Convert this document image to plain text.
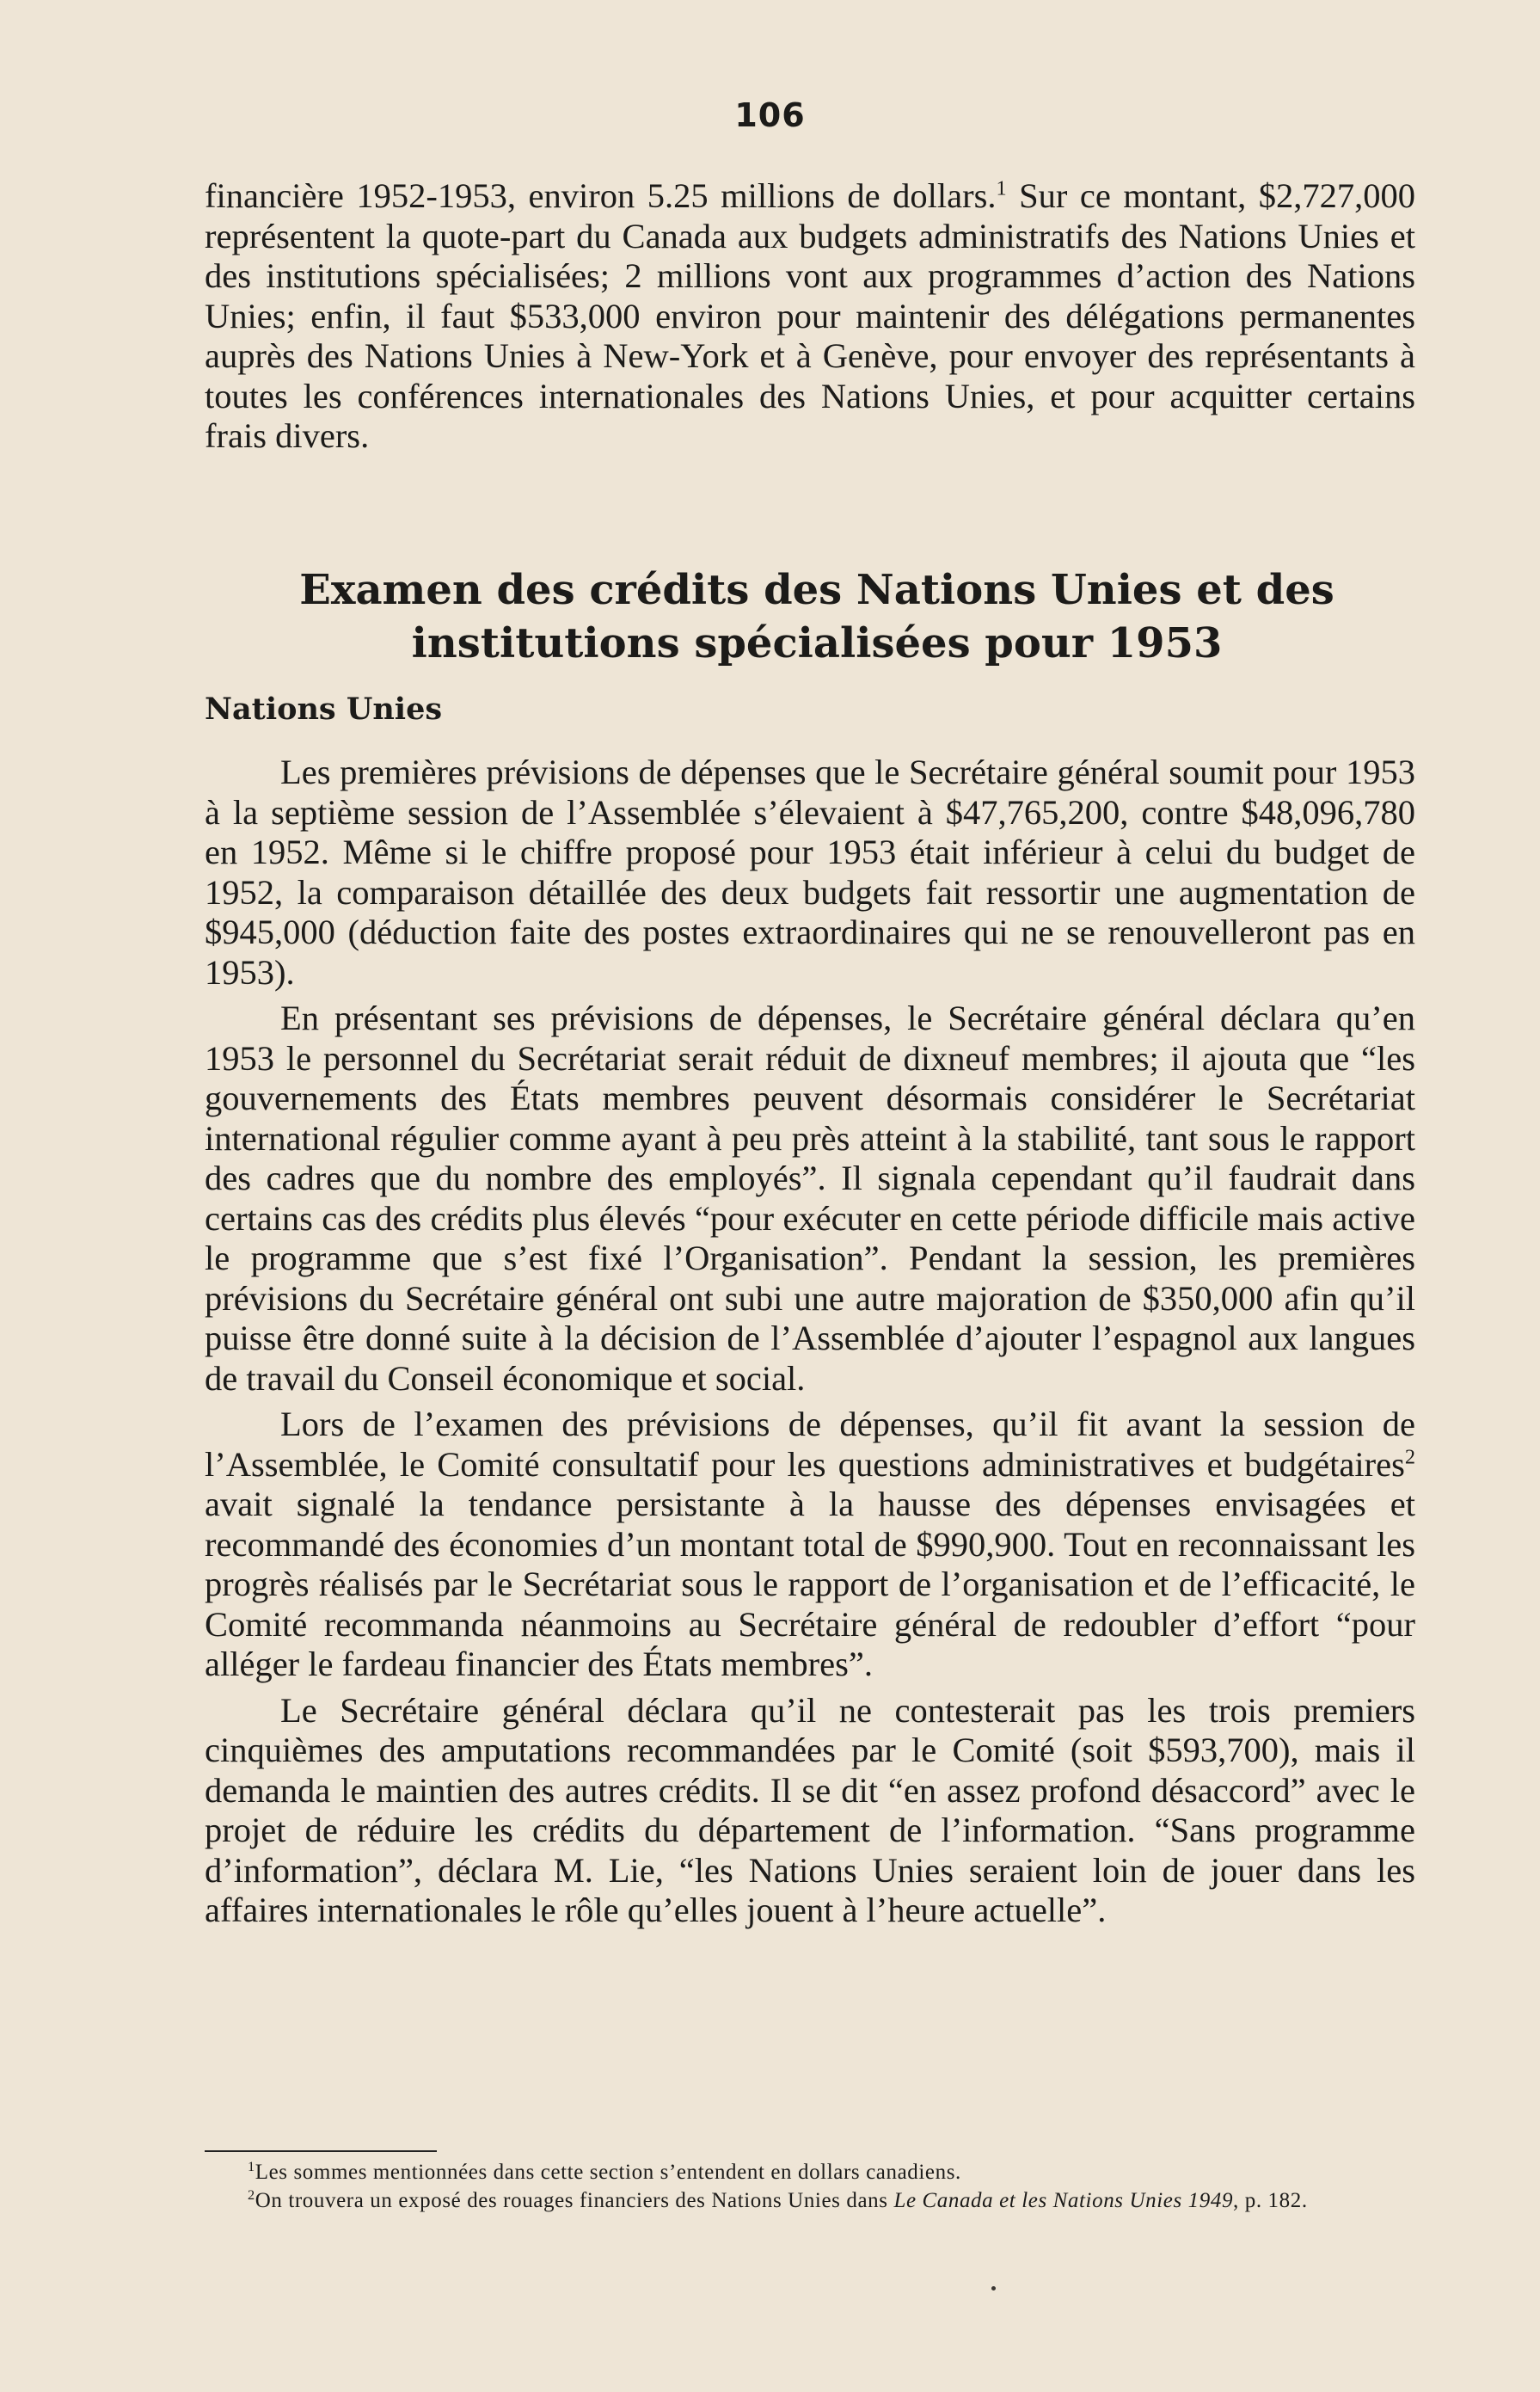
106

financière 1952-1953, environ 5.25 millions de dollars.$^1$ Sur ce montant, $2,727,000 représentent la quote-part du Canada aux budgets administratifs des Nations Unies et des institutions spécialisées; 2 millions vont aux programmes d’action des Nations Unies; enfin, il faut $533,000 environ pour maintenir des délégations permanentes auprès des Nations Unies à New-York et à Genève, pour envoyer des représentants à toutes les conférences internationales des Nations Unies, et pour acquitter certains frais divers.

Examen des crédits des Nations Unies et des
institutions spécialisées pour 1953
Nations Unies

Les premières prévisions de dépenses que le Secrétaire général soumit pour 1953 à la septième session de l’Assemblée s’élevaient à $47,765,200, contre $48,096,780 en 1952. Même si le chiffre proposé pour 1953 était inférieur à celui du budget de 1952, la comparaison détaillée des deux budgets fait ressortir une augmentation de $945,000 (déduction faite des postes extraordinaires qui ne se renouvelleront pas en 1953).

En présentant ses prévisions de dépenses, le Secrétaire général déclara qu’en 1953 le personnel du Secrétariat serait réduit de dixneuf membres; il ajouta que “les gouvernements des États membres peuvent désormais considérer le Secrétariat international régulier comme ayant à peu près atteint à la stabilité, tant sous le rapport des cadres que du nombre des employés”. Il signala cependant qu’il faudrait dans certains cas des crédits plus élevés “pour exécuter en cette période difficile mais active le programme que s’est fixé l’Organisation”. Pendant la session, les premières prévisions du Secrétaire général ont subi une autre majoration de $350,000 afin qu’il puisse être donné suite à la décision de l’Assemblée d’ajouter l’espagnol aux langues de travail du Conseil économique et social.

Lors de l’examen des prévisions de dépenses, qu’il fit avant la session de l’Assemblée, le Comité consultatif pour les questions administratives et budgétaires$^2$ avait signalé la tendance persistante à la hausse des dépenses envisagées et recommandé des économies d’un montant total de $990,900. Tout en reconnaissant les progrès réalisés par le Secrétariat sous le rapport de l’organisation et de l’efficacité, le Comité recommanda néanmoins au Secrétaire général de redoubler d’effort “pour alléger le fardeau financier des États membres”.

Le Secrétaire général déclara qu’il ne contesterait pas les trois premiers cinquièmes des amputations recommandées par le Comité (soit $593,700), mais il demanda le maintien des autres crédits. Il se dit “en assez profond désaccord” avec le projet de réduire les crédits du département de l’information. “Sans programme d’information”, déclara M. Lie, “les Nations Unies seraient loin de jouer dans les affaires internationales le rôle qu’elles jouent à l’heure actuelle”.

$^1$Les sommes mentionnées dans cette section s’entendent en dollars canadiens.

$^2$On trouvera un exposé des rouages financiers des Nations Unies dans Le Canada et les Nations Unies 1949, p. 182.
